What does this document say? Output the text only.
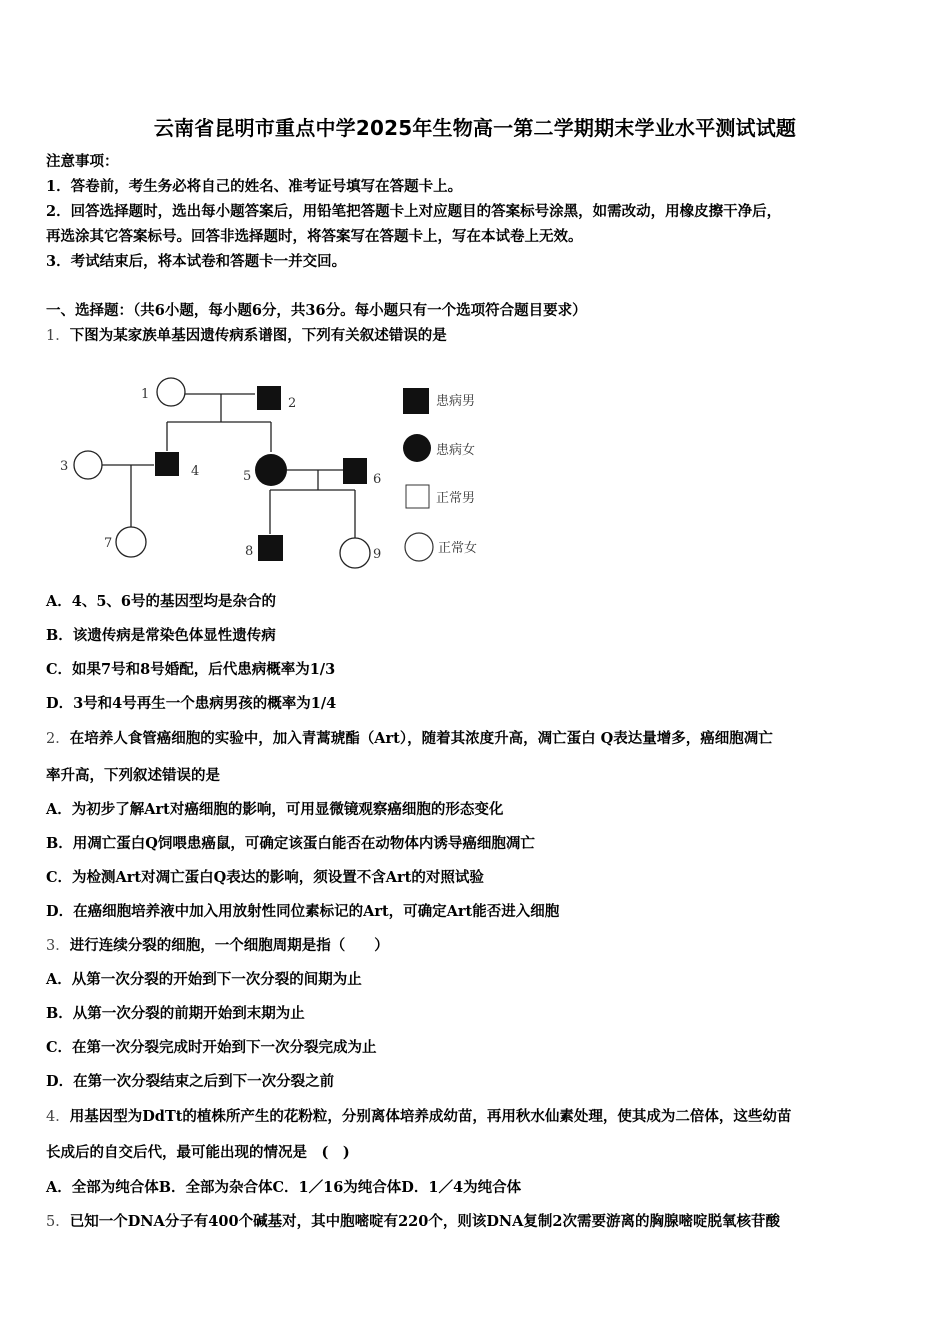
云南省昆明市重点中学2025年生物高一第二学期期末学业水平测试试题
注意事项：
1．答卷前，考生务必将自己的姓名、准考证号填写在答题卡上。
2．回答选择题时，选出每小题答案后，用铅笔把答题卡上对应题目的答案标号涂黑，如需改动，用橡皮擦干净后，
再选涂其它答案标号。回答非选择题时，将答案写在答题卡上，写在本试卷上无效。
3．考试结束后，将本试卷和答题卡一并交回。
一、选择题：（共6小题，每小题6分，共36分。每小题只有一个选项符合题目要求）
1．下图为某家族单基因遗传病系谱图，下列有关叙述错误的是
1
2
3	4	5	6
7
8	9
患病男
患病女
正常男
正常女
A．4、5、6号的基因型均是杂合的
B．该遗传病是常染色体显性遗传病
C．如果7号和8号婚配，后代患病概率为1/3
D．3号和4号再生一个患病男孩的概率为1/4
2．在培养人食管癌细胞的实验中，加入青蒿琥酯（Art），随着其浓度升高，凋亡蛋白 Q表达量增多，癌细胞凋亡
率升高，下列叙述错误的是
A．为初步了解Art对癌细胞的影响，可用显微镜观察癌细胞的形态变化
B．用凋亡蛋白Q饲喂患癌鼠，可确定该蛋白能否在动物体内诱导癌细胞凋亡
C．为检测Art对凋亡蛋白Q表达的影响，须设置不含Art的对照试验
D．在癌细胞培养液中加入用放射性同位素标记的Art，可确定Art能否进入细胞
3．进行连续分裂的细胞，一个细胞周期是指（　　）
A．从第一次分裂的开始到下一次分裂的间期为止
B．从第一次分裂的前期开始到末期为止
C．在第一次分裂完成时开始到下一次分裂完成为止
D．在第一次分裂结束之后到下一次分裂之前
4．用基因型为DdTt的植株所产生的花粉粒，分别离体培养成幼苗，再用秋水仙素处理，使其成为二倍体，这些幼苗
长成后的自交后代，最可能出现的情况是　(　)
A．全部为纯合体B．全部为杂合体C．1／16为纯合体D．1／4为纯合体
5．已知一个DNA分子有400个碱基对，其中胞嘧啶有220个，则该DNA复制2次需要游离的胸腺嘧啶脱氧核苷酸
